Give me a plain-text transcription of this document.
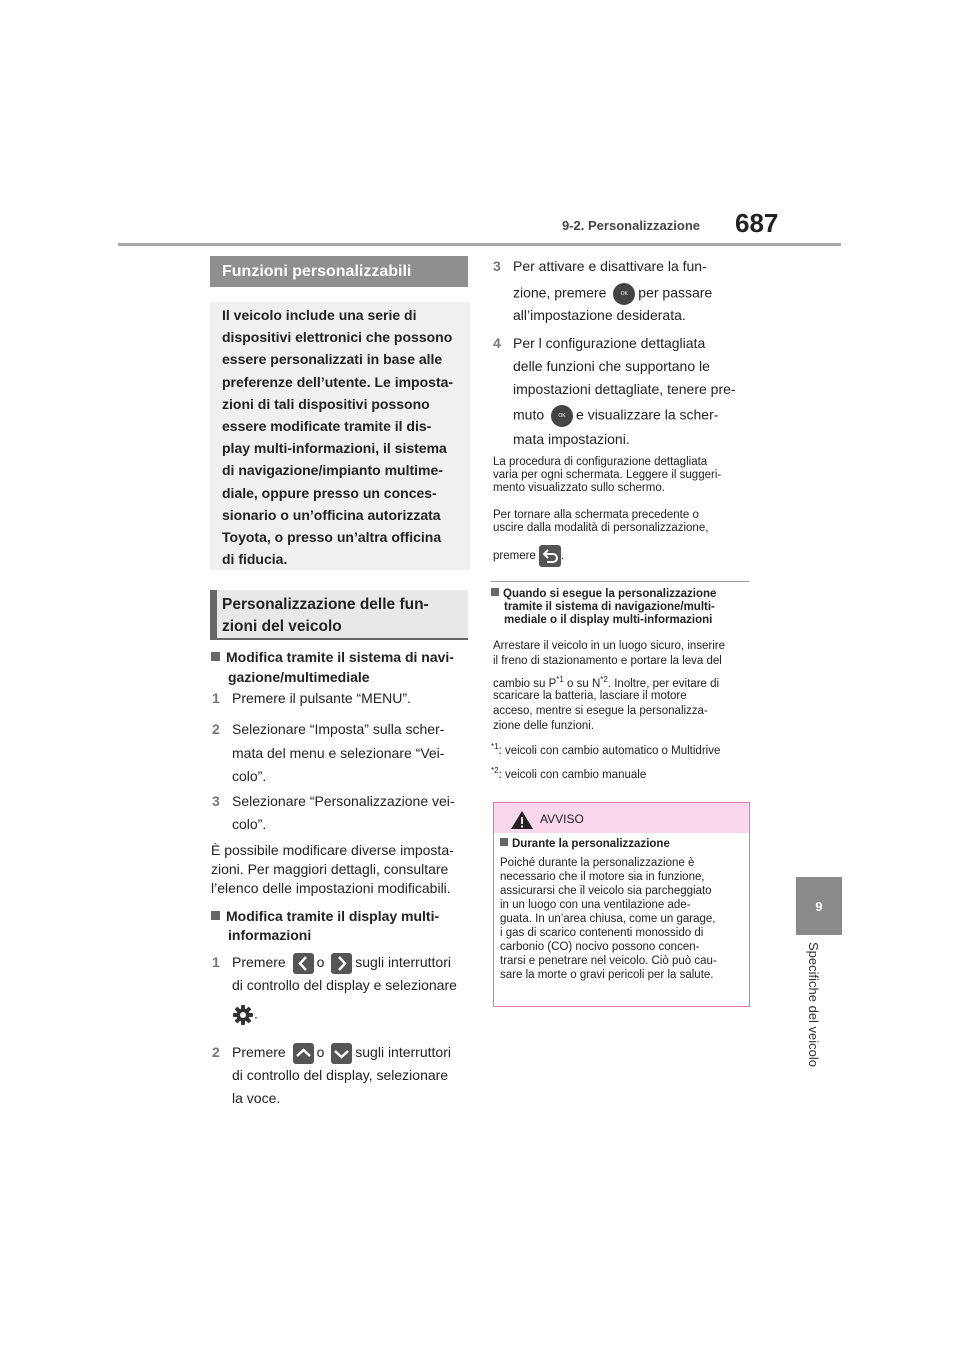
9-2. Personalizzazione 687
9
Specifiche del veicolo
Funzioni personalizzabili
Il veicolo include una serie di
dispositivi elettronici che possono
essere personalizzati in base alle
preferenze dell’utente. Le imposta-
zioni di tali dispositivi possono
essere modificate tramite il dis-
play multi-informazioni, il sistema
di navigazione/impianto multime-
diale, oppure presso un conces-
sionario o un’officina autorizzata
Toyota, o presso un’altra officina
di fiducia.
Personalizzazione delle fun-
zioni del veicolo
Modifica tramite il sistema di navi-
gazione/multimediale
1 Premere il pulsante “MENU”.
2 Selezionare “Imposta” sulla scher-
mata del menu e selezionare “Vei-
colo”.
3 Selezionare “Personalizzazione vei-
colo”.
È possibile modificare diverse imposta-
zioni. Per maggiori dettagli, consultare
l’elenco delle impostazioni modificabili.
Modifica tramite il display multi-
informazioni
1 Premere o sugli interruttori
di controllo del display e selezionare
.
2 Premere o sugli interruttori
di controllo del display, selezionare
la voce.
3 Per attivare e disattivare la fun-
zione, premere	OK per passare
all’impostazione desiderata.
4 Per l configurazione dettagliata
delle funzioni che supportano le
impostazioni dettagliate, tenere pre-
muto	OK e visualizzare la scher-
mata impostazioni.
La procedura di configurazione dettagliata
varia per ogni schermata. Leggere il suggeri-
mento visualizzato sullo schermo.
Per tornare alla schermata precedente o
uscire dalla modalità di personalizzazione,
premere .
Quando si esegue la personalizzazione
tramite il sistema di navigazione/multi-
mediale o il display multi-informazioni
Arrestare il veicolo in un luogo sicuro, inserire
il freno di stazionamento e portare la leva del
cambio su $P^{*1}$ o su $N^{*2}$. Inoltre, per evitare di
scaricare la batteria, lasciare il motore
acceso, mentre si esegue la personalizza-
zione delle funzioni.
$^{*1}$: veicoli con cambio automatico o Multidrive
$^{*2}$: veicoli con cambio manuale
AVVISO
Durante la personalizzazione
Poiché durante la personalizzazione è
necessario che il motore sia in funzione,
assicurarsi che il veicolo sia parcheggiato
in un luogo con una ventilazione ade-
guata. In un’area chiusa, come un garage,
i gas di scarico contenenti monossido di
carbonio (CO) nocivo possono concen-
trarsi e penetrare nel veicolo. Ciò può cau-
sare la morte o gravi pericoli per la salute.
